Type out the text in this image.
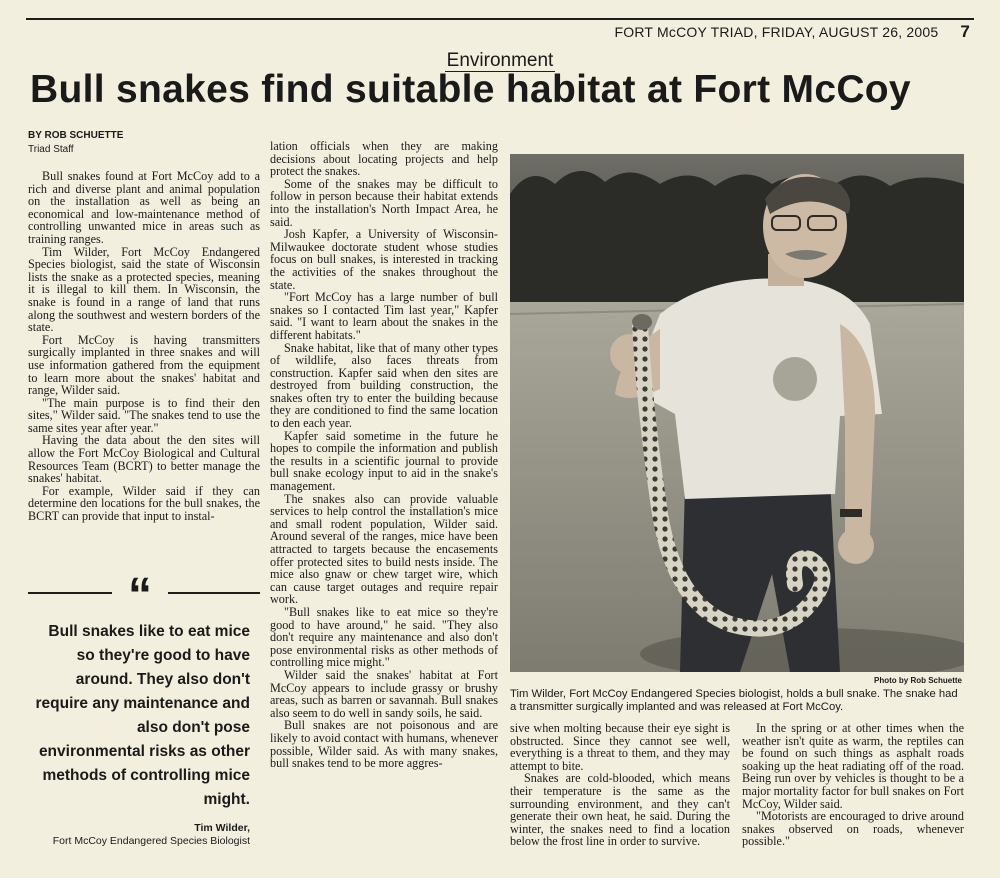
FORT McCOY TRIAD, FRIDAY, AUGUST 26, 2005 7
Environment
Bull snakes find suitable habitat at Fort McCoy
BY ROB SCHUETTE
Triad Staff

Bull snakes found at Fort McCoy add to a rich and diverse plant and animal population on the installation as well as being an economical and low-maintenance method of controlling unwanted mice in areas such as training ranges.

Tim Wilder, Fort McCoy Endangered Species biologist, said the state of Wisconsin lists the snake as a protected species, meaning it is illegal to kill them. In Wisconsin, the snake is found in a range of land that runs along the southwest and western borders of the state.

Fort McCoy is having transmitters surgically implanted in three snakes and will use information gathered from the equipment to learn more about the snakes' habitat and range, Wilder said.

"The main purpose is to find their den sites," Wilder said. "The snakes tend to use the same sites year after year."

Having the data about the den sites will allow the Fort McCoy Biological and Cultural Resources Team (BCRT) to better manage the snakes' habitat.

For example, Wilder said if they can determine den locations for the bull snakes, the BCRT can provide that input to instal-

“
Bull snakes like to eat mice so they're good to have around. They also don't require any maintenance and also don't pose environmental risks as other methods of controlling mice might.
Tim Wilder,
Fort McCoy Endangered Species Biologist

lation officials when they are making decisions about locating projects and help protect the snakes.

Some of the snakes may be difficult to follow in person because their habitat extends into the installation's North Impact Area, he said.

Josh Kapfer, a University of Wisconsin-Milwaukee doctorate student whose studies focus on bull snakes, is interested in tracking the activities of the snakes throughout the state.

"Fort McCoy has a large number of bull snakes so I contacted Tim last year," Kapfer said. "I want to learn about the snakes in the different habitats."

Snake habitat, like that of many other types of wildlife, also faces threats from construction. Kapfer said when den sites are destroyed from building construction, the snakes often try to enter the building because they are conditioned to find the same location to den each year.

Kapfer said sometime in the future he hopes to compile the information and publish the results in a scientific journal to provide bull snake ecology input to aid in the snake's management.

The snakes also can provide valuable services to help control the installation's mice and small rodent population, Wilder said. Around several of the ranges, mice have been attracted to targets because the encasements offer protected sites to build nests inside. The mice also gnaw or chew target wire, which can cause target outages and require repair work.

"Bull snakes like to eat mice so they're good to have around," he said. "They also don't require any maintenance and also don't pose environmental risks as other methods of controlling mice might."

Wilder said the snakes' habitat at Fort McCoy appears to include grassy or brushy areas, such as barren or savannah. Bull snakes also seem to do well in sandy soils, he said.

Bull snakes are not poisonous and are likely to avoid contact with humans, whenever possible, Wilder said. As with many snakes, bull snakes tend to be more aggres-

Photo by Rob Schuette
Tim Wilder, Fort McCoy Endangered Species biologist, holds a bull snake. The snake had a transmitter surgically implanted and was released at Fort McCoy.

sive when molting because their eye sight is obstructed. Since they cannot see well, everything is a threat to them, and they may attempt to bite.

Snakes are cold-blooded, which means their temperature is the same as the surrounding environment, and they can't generate their own heat, he said. During the winter, the snakes need to find a location below the frost line in order to survive.

In the spring or at other times when the weather isn't quite as warm, the reptiles can be found on such things as asphalt roads soaking up the heat radiating off of the road. Being run over by vehicles is thought to be a major mortality factor for bull snakes on Fort McCoy, Wilder said.

"Motorists are encouraged to drive around snakes observed on roads, whenever possible."
